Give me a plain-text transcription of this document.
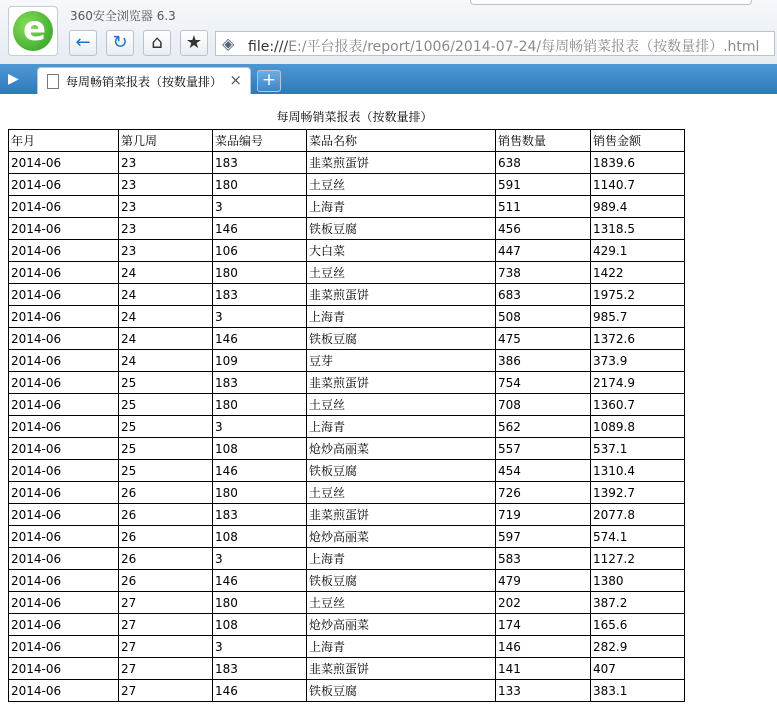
e
360安全浏览器 6.3
←	↻	⌂	★	◈ file:///E:/平台报表/report/1006/2014-07-24/每周畅销菜报表（按数量排）.html
▶	每周畅销菜报表（按数量排） × +
每周畅销菜报表（按数量排）
年月	第几周	菜品编号	菜品名称	销售数量	销售金额
2014-06	23	183	韭菜煎蛋饼	638	1839.6
2014-06	23	180	土豆丝	591	1140.7
2014-06	23	3	上海青	511	989.4
2014-06	23	146	铁板豆腐	456	1318.5
2014-06	23	106	大白菜	447	429.1
2014-06	24	180	土豆丝	738	1422
2014-06	24	183	韭菜煎蛋饼	683	1975.2
2014-06	24	3	上海青	508	985.7
2014-06	24	146	铁板豆腐	475	1372.6
2014-06	24	109	豆芽	386	373.9
2014-06	25	183	韭菜煎蛋饼	754	2174.9
2014-06	25	180	土豆丝	708	1360.7
2014-06	25	3	上海青	562	1089.8
2014-06	25	108	炝炒高丽菜	557	537.1
2014-06	25	146	铁板豆腐	454	1310.4
2014-06	26	180	土豆丝	726	1392.7
2014-06	26	183	韭菜煎蛋饼	719	2077.8
2014-06	26	108	炝炒高丽菜	597	574.1
2014-06	26	3	上海青	583	1127.2
2014-06	26	146	铁板豆腐	479	1380
2014-06	27	180	土豆丝	202	387.2
2014-06	27	108	炝炒高丽菜	174	165.6
2014-06	27	3	上海青	146	282.9
2014-06	27	183	韭菜煎蛋饼	141	407
2014-06	27	146	铁板豆腐	133	383.1
